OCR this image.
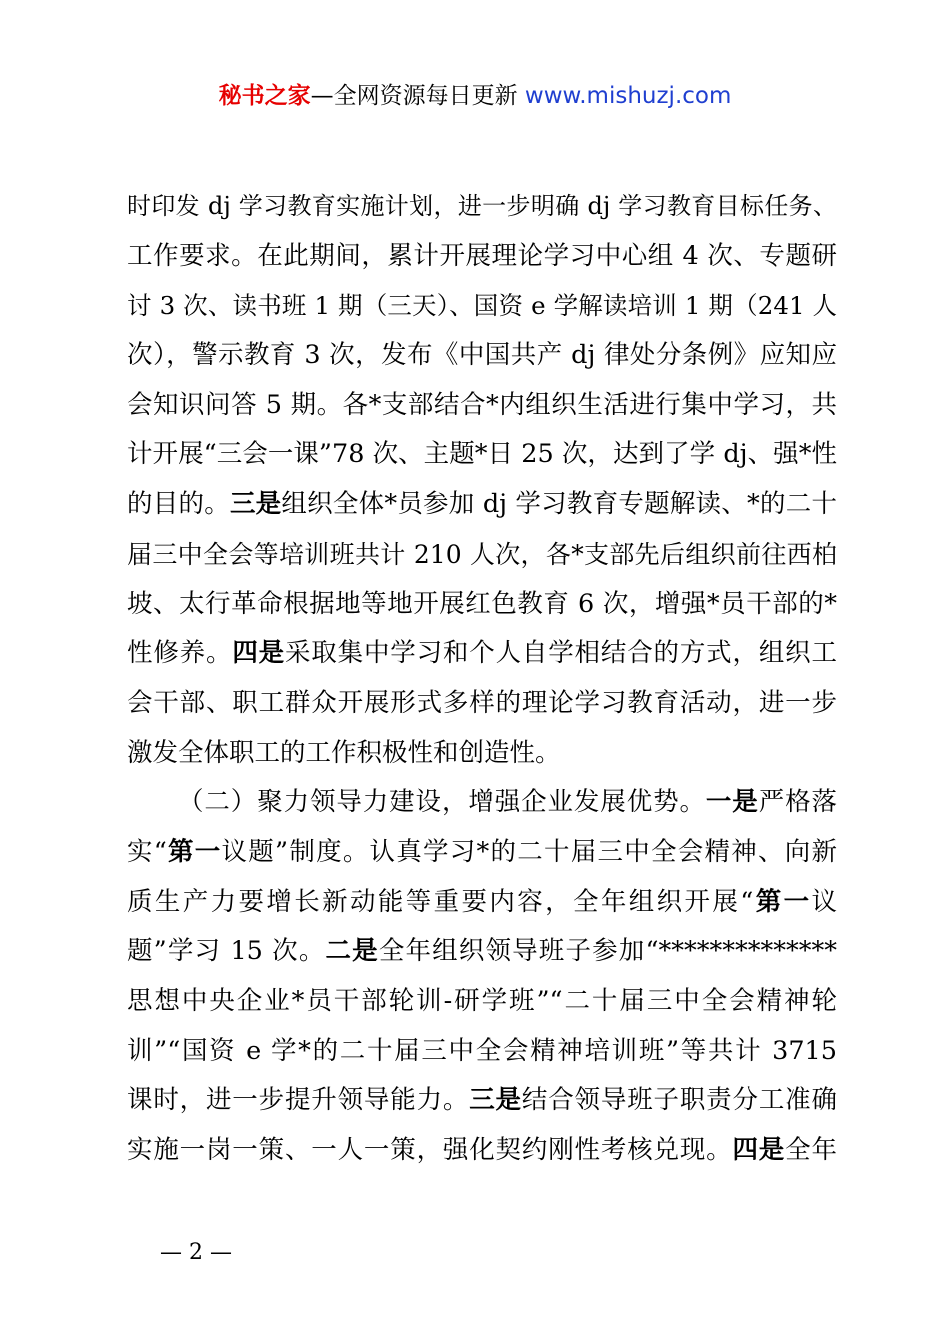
秘书之家—全网资源每日更新 www.mishuzj.com
时印发 dj 学习教育实施计划，进一步明确 dj 学习教育目标任务、
工作要求。在此期间，累计开展理论学习中心组 4 次、专题研
讨 3 次、读书班 1 期（三天）、国资 e 学解读培训 1 期（241 人
次），警示教育 3 次，发布《中国共产 dj 律处分条例》应知应
会知识问答 5 期。各*支部结合*内组织生活进行集中学习，共
计开展“三会一课”78 次、主题*日 25 次，达到了学 dj、强*性
的目的。三是组织全体*员参加 dj 学习教育专题解读、*的二十
届三中全会等培训班共计 210 人次，各*支部先后组织前往西柏
坡、太行革命根据地等地开展红色教育 6 次，增强*员干部的*
性修养。四是采取集中学习和个人自学相结合的方式，组织工
会干部、职工群众开展形式多样的理论学习教育活动，进一步
激发全体职工的工作积极性和创造性。
（二）聚力领导力建设，增强企业发展优势。一是严格落
实“第一议题”制度。认真学习*的二十届三中全会精神、向新
质生产力要增长新动能等重要内容，全年组织开展“第一议
题”学习 15 次。二是全年组织领导班子参加“**************
思想中央企业*员干部轮训-研学班”“二十届三中全会精神轮
训”“国资 e 学*的二十届三中全会精神培训班”等共计 3715
课时，进一步提升领导能力。三是结合领导班子职责分工准确
实施一岗一策、一人一策，强化契约刚性考核兑现。四是全年
— 2 —
